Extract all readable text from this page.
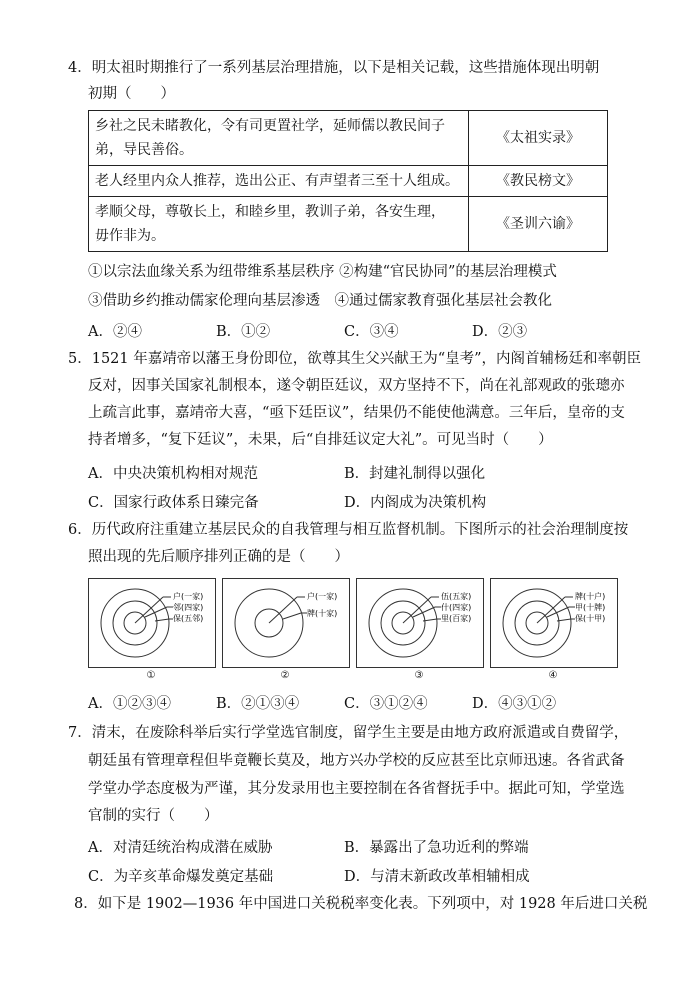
4．明太祖时期推行了一系列基层治理措施，以下是相关记载，这些措施体现出明朝
初期（　　）
乡社之民未睹教化，令有司更置社学，延师儒以教民间子
弟，导民善俗。	《太祖实录》
老人经里内众人推荐，选出公正、有声望者三至十人组成。	《教民榜文》

孝顺父母，尊敬长上，和睦乡里，教训子弟，各安生理，
毋作非为。	《圣训六谕》
①以宗法血缘关系为纽带维系基层秩序 ②构建“官民协同”的基层治理模式
③借助乡约推动儒家伦理向基层渗透　④通过儒家教育强化基层社会教化
A．②④	B．①②	C．③④	D．②③
5．1521 年嘉靖帝以藩王身份即位，欲尊其生父兴献王为“皇考”，内阁首辅杨廷和率朝臣
反对，因事关国家礼制根本，遂令朝臣廷议，双方坚持不下，尚在礼部观政的张璁亦
上疏言此事，嘉靖帝大喜，“亟下廷臣议”，结果仍不能使他满意。三年后，皇帝的支
持者增多，“复下廷议”，未果，后“自排廷议定大礼”。可见当时（　　）
A．中央决策机构相对规范	B．封建礼制得以强化
C．国家行政体系日臻完备	D．内阁成为决策机构
6．历代政府注重建立基层民众的自我管理与相互监督机制。下图所示的社会治理制度按
照出现的先后顺序排列正确的是（　　）
户(一家)
邻(四家)
保(五邻)
①
户(一家)
牌(十家)
②
伍(五家)
什(四家)
里(百家)
③
牌(十户)
甲(十牌)
保(十甲)
④
A．①②③④	B．②①③④	C．③①②④	D．④③①②
7．清末，在废除科举后实行学堂选官制度，留学生主要是由地方政府派遣或自费留学，
朝廷虽有管理章程但毕竟鞭长莫及，地方兴办学校的反应甚至比京师迅速。各省武备
学堂办学态度极为严谨，其分发录用也主要控制在各省督抚手中。据此可知，学堂选
官制的实行（　　）
A．对清廷统治构成潜在威胁	B．暴露出了急功近利的弊端
C．为辛亥革命爆发奠定基础	D．与清末新政改革相辅相成
8．如下是 1902—1936 年中国进口关税税率变化表。下列项中，对 1928 年后进口关税
